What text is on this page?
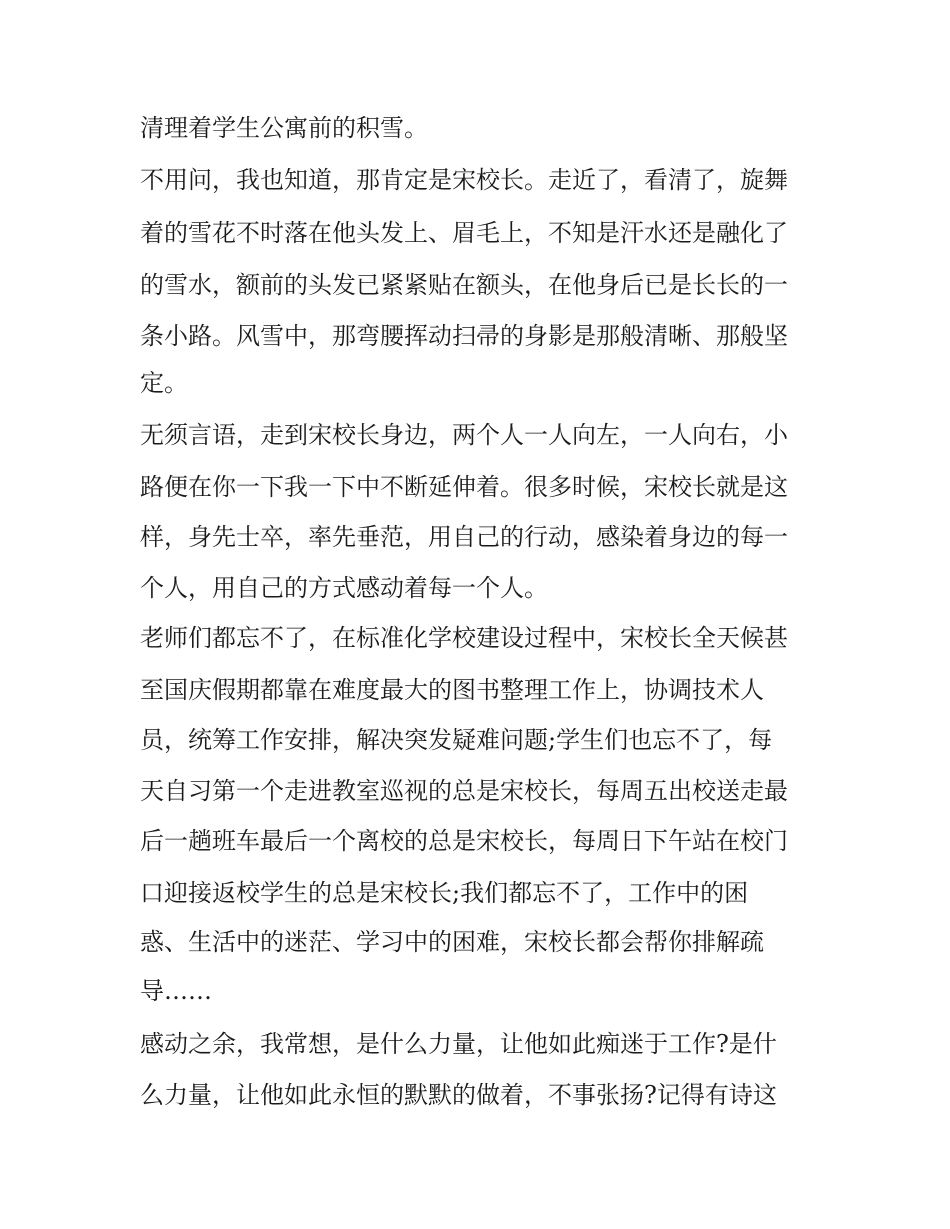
清理着学生公寓前的积雪。

不用问，我也知道，那肯定是宋校长。走近了，看清了，旋舞

着的雪花不时落在他头发上、眉毛上，不知是汗水还是融化了

的雪水，额前的头发已紧紧贴在额头，在他身后已是长长的一

条小路。风雪中，那弯腰挥动扫帚的身影是那般清晰、那般坚

定。

无须言语，走到宋校长身边，两个人一人向左，一人向右，小

路便在你一下我一下中不断延伸着。很多时候，宋校长就是这

样，身先士卒，率先垂范，用自己的行动，感染着身边的每一

个人，用自己的方式感动着每一个人。

老师们都忘不了，在标准化学校建设过程中，宋校长全天候甚

至国庆假期都靠在难度最大的图书整理工作上，协调技术人

员，统筹工作安排，解决突发疑难问题;学生们也忘不了，每

天自习第一个走进教室巡视的总是宋校长，每周五出校送走最

后一趟班车最后一个离校的总是宋校长，每周日下午站在校门

口迎接返校学生的总是宋校长;我们都忘不了，工作中的困

惑、生活中的迷茫、学习中的困难，宋校长都会帮你排解疏

导……

感动之余，我常想，是什么力量，让他如此痴迷于工作?是什

么力量，让他如此永恒的默默的做着，不事张扬?记得有诗这
